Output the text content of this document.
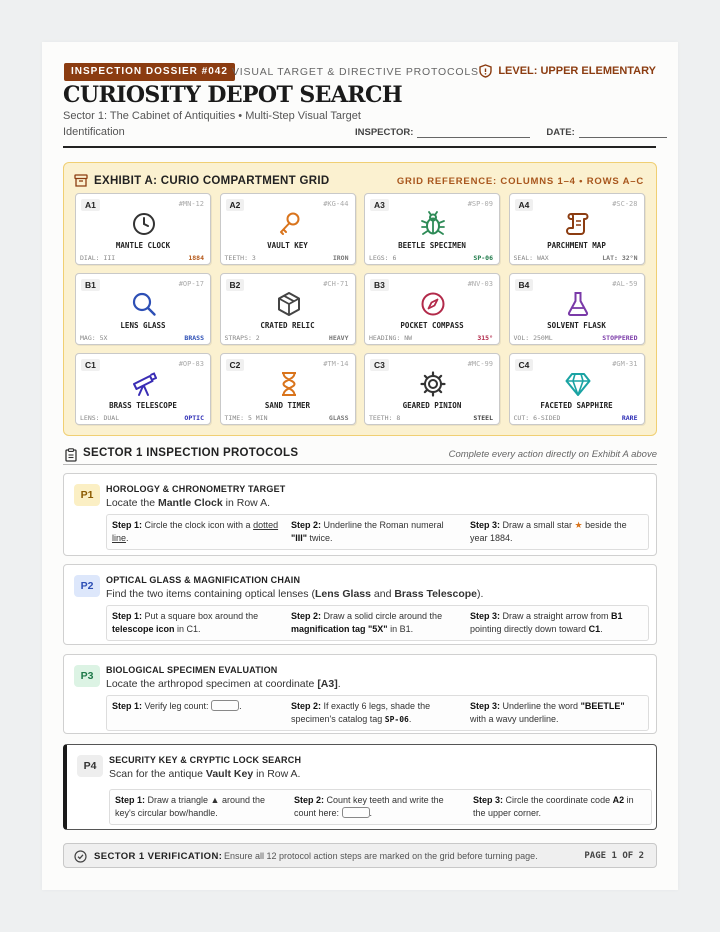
INSPECTION DOSSIER #042 VISUAL TARGET & DIRECTIVE PROTOCOLS LEVEL: UPPER ELEMENTARY
CURIOSITY DEPOT SEARCH
Sector 1: The Cabinet of Antiquities • Multi-Step Visual Target Identification	INSPECTOR:	DATE:
EXHIBIT A: CURIO COMPARTMENT GRID	GRID REFERENCE: COLUMNS 1–4 • ROWS A–C
A1	#MN-12
MANTLE CLOCK
DIAL: III	1884
A2	#KG-44
VAULT KEY
TEETH: 3	IRON
A3	#SP-09
BEETLE SPECIMEN
LEGS: 6	SP-06
A4	#SC-28
PARCHMENT MAP
SEAL: WAX	LAT: 32°N
B1	#OP-17
LENS GLASS
MAG: 5X	BRASS
B2	#CH-71
CRATED RELIC
STRAPS: 2	HEAVY
B3	#NV-03
POCKET COMPASS
HEADING: NW	315°
B4	#AL-59
SOLVENT FLASK
VOL: 250ML	STOPPERED
C1	#OP-83
BRASS TELESCOPE
LENS: DUAL	OPTIC
C2	#TM-14
SAND TIMER
TIME: 5 MIN	GLASS
C3	#MC-99
GEARED PINION
TEETH: 8	STEEL
C4	#GM-31
FACETED SAPPHIRE
CUT: 6-SIDED	RARE
SECTOR 1 INSPECTION PROTOCOLS	Complete every action directly on Exhibit A above
P1	HOROLOGY & CHRONOMETRY TARGET
Locate the Mantle Clock in Row A.
Step 1: Circle the clock icon with a dotted line.
Step 2: Underline the Roman numeral "III" twice.
Step 3: Draw a small star ★ beside the year 1884.
P2	OPTICAL GLASS & MAGNIFICATION CHAIN
Find the two items containing optical lenses (Lens Glass and Brass Telescope).
Step 1: Put a square box around the telescope icon in C1.
Step 2: Draw a solid circle around the magnification tag "5X" in B1.
Step 3: Draw a straight arrow from B1 pointing directly down toward C1.
P3	BIOLOGICAL SPECIMEN EVALUATION
Locate the arthropod specimen at coordinate [A3].
Step 1: Verify leg count:	.	Step 2: If exactly 6 legs, shade the specimen's catalog tag SP-06.
Step 3: Underline the word "BEETLE" with a wavy underline.
P4	SECURITY KEY & CRYPTIC LOCK SEARCH
Scan for the antique Vault Key in Row A.
Step 1: Draw a triangle ▲ around the key's circular bow/handle.
Step 2: Count key teeth and write the count here:	.
Step 3: Circle the coordinate code A2 in the upper corner.
SECTOR 1 VERIFICATION: Ensure all 12 protocol action steps are marked on the grid before turning page.	PAGE 1 OF 2
